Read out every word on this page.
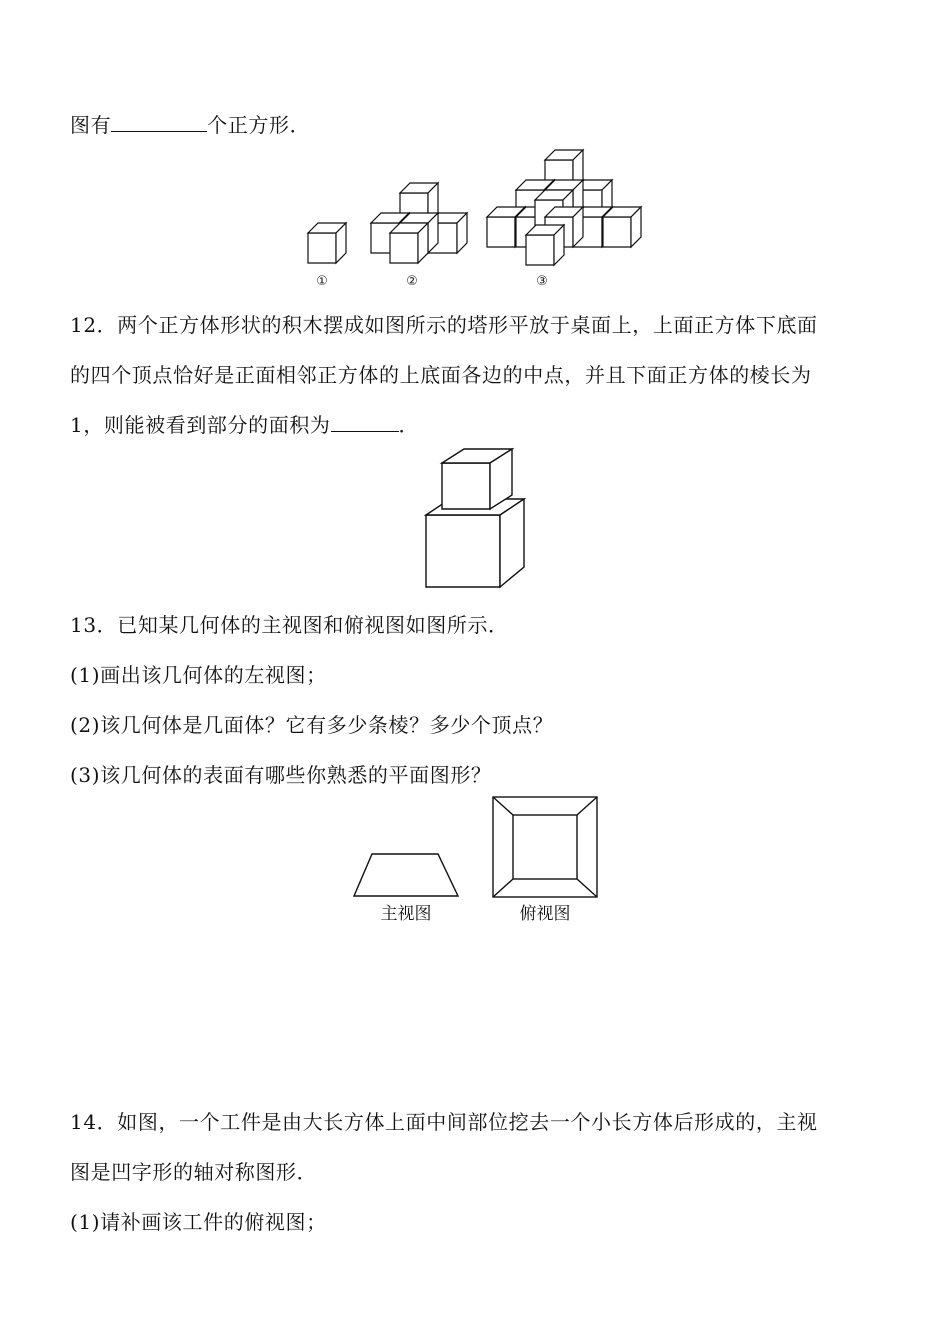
图有	个正方形．
①	②	③
12．两个正方体形状的积木摆成如图所示的塔形平放于桌面上，上面正方体下底面
的四个顶点恰好是正面相邻正方体的上底面各边的中点，并且下面正方体的棱长为
1，则能被看到部分的面积为	．
13．已知某几何体的主视图和俯视图如图所示．
(1)画出该几何体的左视图；
(2)该几何体是几面体？它有多少条棱？多少个顶点？
(3)该几何体的表面有哪些你熟悉的平面图形？
主视图	俯视图
14．如图，一个工件是由大长方体上面中间部位挖去一个小长方体后形成的，主视
图是凹字形的轴对称图形．
(1)请补画该工件的俯视图；
